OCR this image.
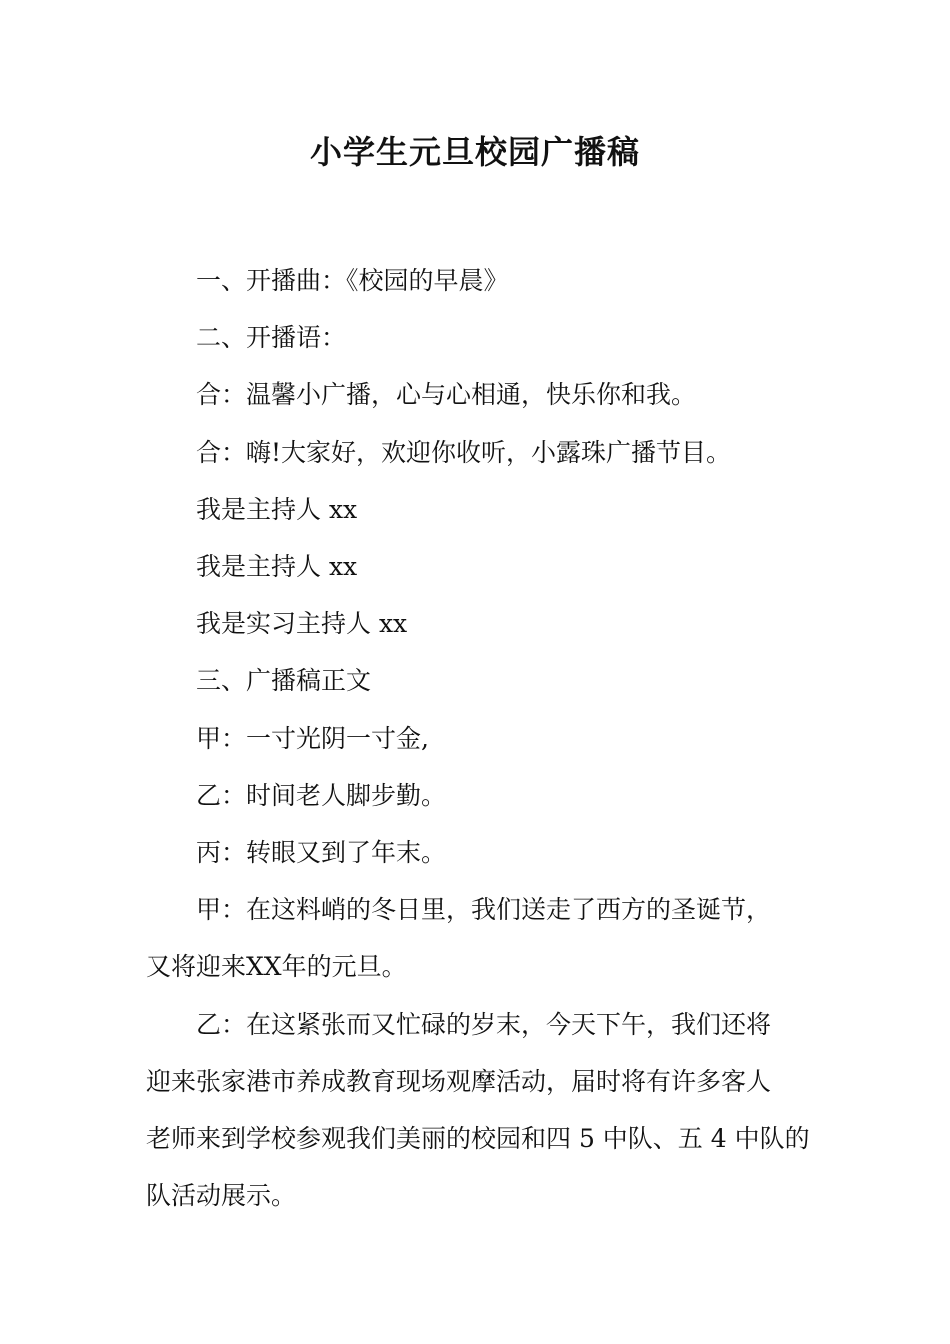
小学生元旦校园广播稿

一、开播曲：《校园的早晨》

二、开播语：

合：温馨小广播，心与心相通，快乐你和我。

合：嗨!大家好，欢迎你收听，小露珠广播节目。

我是主持人 xx

我是主持人 xx

我是实习主持人 xx

三、广播稿正文

甲：一寸光阴一寸金,

乙：时间老人脚步勤。

丙：转眼又到了年末。

甲：在这料峭的冬日里，我们送走了西方的圣诞节，

又将迎来XX年的元旦。

乙：在这紧张而又忙碌的岁末，今天下午，我们还将

迎来张家港市养成教育现场观摩活动，届时将有许多客人

老师来到学校参观我们美丽的校园和四 5 中队、五 4 中队的

队活动展示。
